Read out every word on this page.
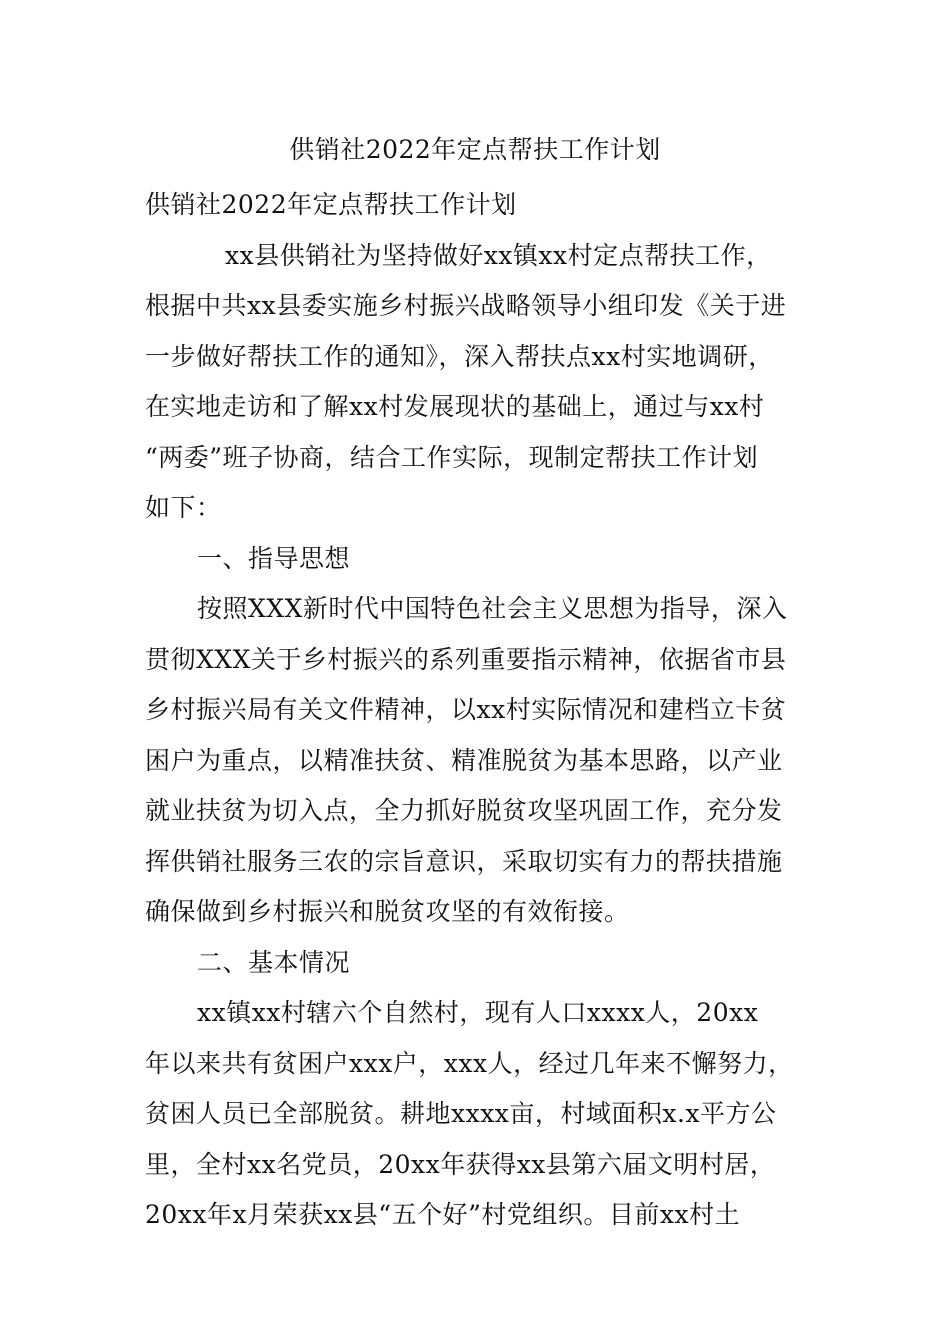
供销社2022年定点帮扶工作计划
供销社2022年定点帮扶工作计划
xx县供销社为坚持做好xx镇xx村定点帮扶工作，
根据中共xx县委实施乡村振兴战略领导小组印发《关于进
一步做好帮扶工作的通知》，深入帮扶点xx村实地调研，
在实地走访和了解xx村发展现状的基础上，通过与xx村
“两委”班子协商，结合工作实际，现制定帮扶工作计划
如下：
一、指导思想
按照XXX新时代中国特色社会主义思想为指导，深入
贯彻XXX关于乡村振兴的系列重要指示精神，依据省市县
乡村振兴局有关文件精神，以xx村实际情况和建档立卡贫
困户为重点，以精准扶贫、精准脱贫为基本思路，以产业
就业扶贫为切入点，全力抓好脱贫攻坚巩固工作，充分发
挥供销社服务三农的宗旨意识，采取切实有力的帮扶措施
确保做到乡村振兴和脱贫攻坚的有效衔接。
二、基本情况
xx镇xx村辖六个自然村，现有人口xxxx人，20xx
年以来共有贫困户xxx户，xxx人，经过几年来不懈努力，
贫困人员已全部脱贫。耕地xxxx亩，村域面积x.x平方公
里，全村xx名党员，20xx年获得xx县第六届文明村居，
20xx年x月荣获xx县“五个好”村党组织。目前xx村土
